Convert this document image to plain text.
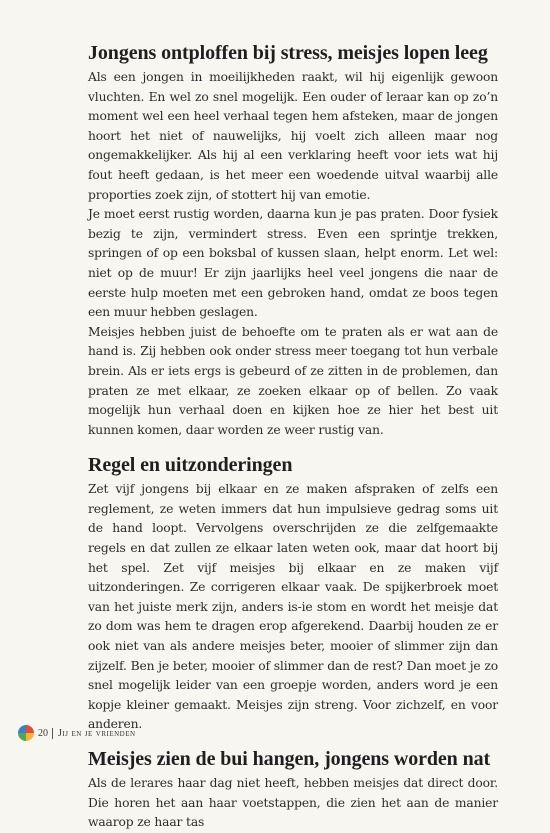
Jongens ontploffen bij stress, meisjes lopen leeg

Als een jongen in moeilijkheden raakt, wil hij eigenlijk gewoon vluchten. En wel zo snel mogelijk. Een ouder of leraar kan op zo’n moment wel een heel verhaal tegen hem afsteken, maar de jongen hoort het niet of nauwelijks, hij voelt zich alleen maar nog ongemakkelijker. Als hij al een verklaring heeft voor iets wat hij fout heeft gedaan, is het meer een woedende uitval waarbij alle proporties zoek zijn, of stottert hij van emotie.

Je moet eerst rustig worden, daarna kun je pas praten. Door fysiek bezig te zijn, vermindert stress. Even een sprintje trekken, springen of op een boksbal of kussen slaan, helpt enorm. Let wel: niet op de muur! Er zijn jaarlijks heel veel jongens die naar de eerste hulp moeten met een gebroken hand, omdat ze boos tegen een muur hebben geslagen.

Meisjes hebben juist de behoefte om te praten als er wat aan de hand is. Zij hebben ook onder stress meer toegang tot hun verbale brein. Als er iets ergs is gebeurd of ze zitten in de problemen, dan praten ze met elkaar, ze zoeken elkaar op of bellen. Zo vaak mogelijk hun verhaal doen en kijken hoe ze hier het best uit kunnen komen, daar worden ze weer rustig van.

Regel en uitzonderingen

Zet vijf jongens bij elkaar en ze maken afspraken of zelfs een reglement, ze weten immers dat hun impulsieve gedrag soms uit de hand loopt. Vervolgens overschrijden ze die zelfgemaakte regels en dat zullen ze elkaar laten weten ook, maar dat hoort bij het spel. Zet vijf meisjes bij elkaar en ze maken vijf uitzonderingen. Ze corrigeren elkaar vaak. De spijkerbroek moet van het juiste merk zijn, anders is-ie stom en wordt het meisje dat zo dom was hem te dragen erop afgerekend. Daarbij houden ze er ook niet van als andere meisjes beter, mooier of slimmer zijn dan zijzelf. Ben je beter, mooier of slimmer dan de rest? Dan moet je zo snel mogelijk leider van een groepje worden, anders word je een kopje kleiner gemaakt. Meisjes zijn streng. Voor zichzelf, en voor anderen.

Meisjes zien de bui hangen, jongens worden nat

Als de lerares haar dag niet heeft, hebben meisjes dat direct door. Die horen het aan haar voetstappen, die zien het aan de manier waarop ze haar tas

20 Jij en je vrienden
